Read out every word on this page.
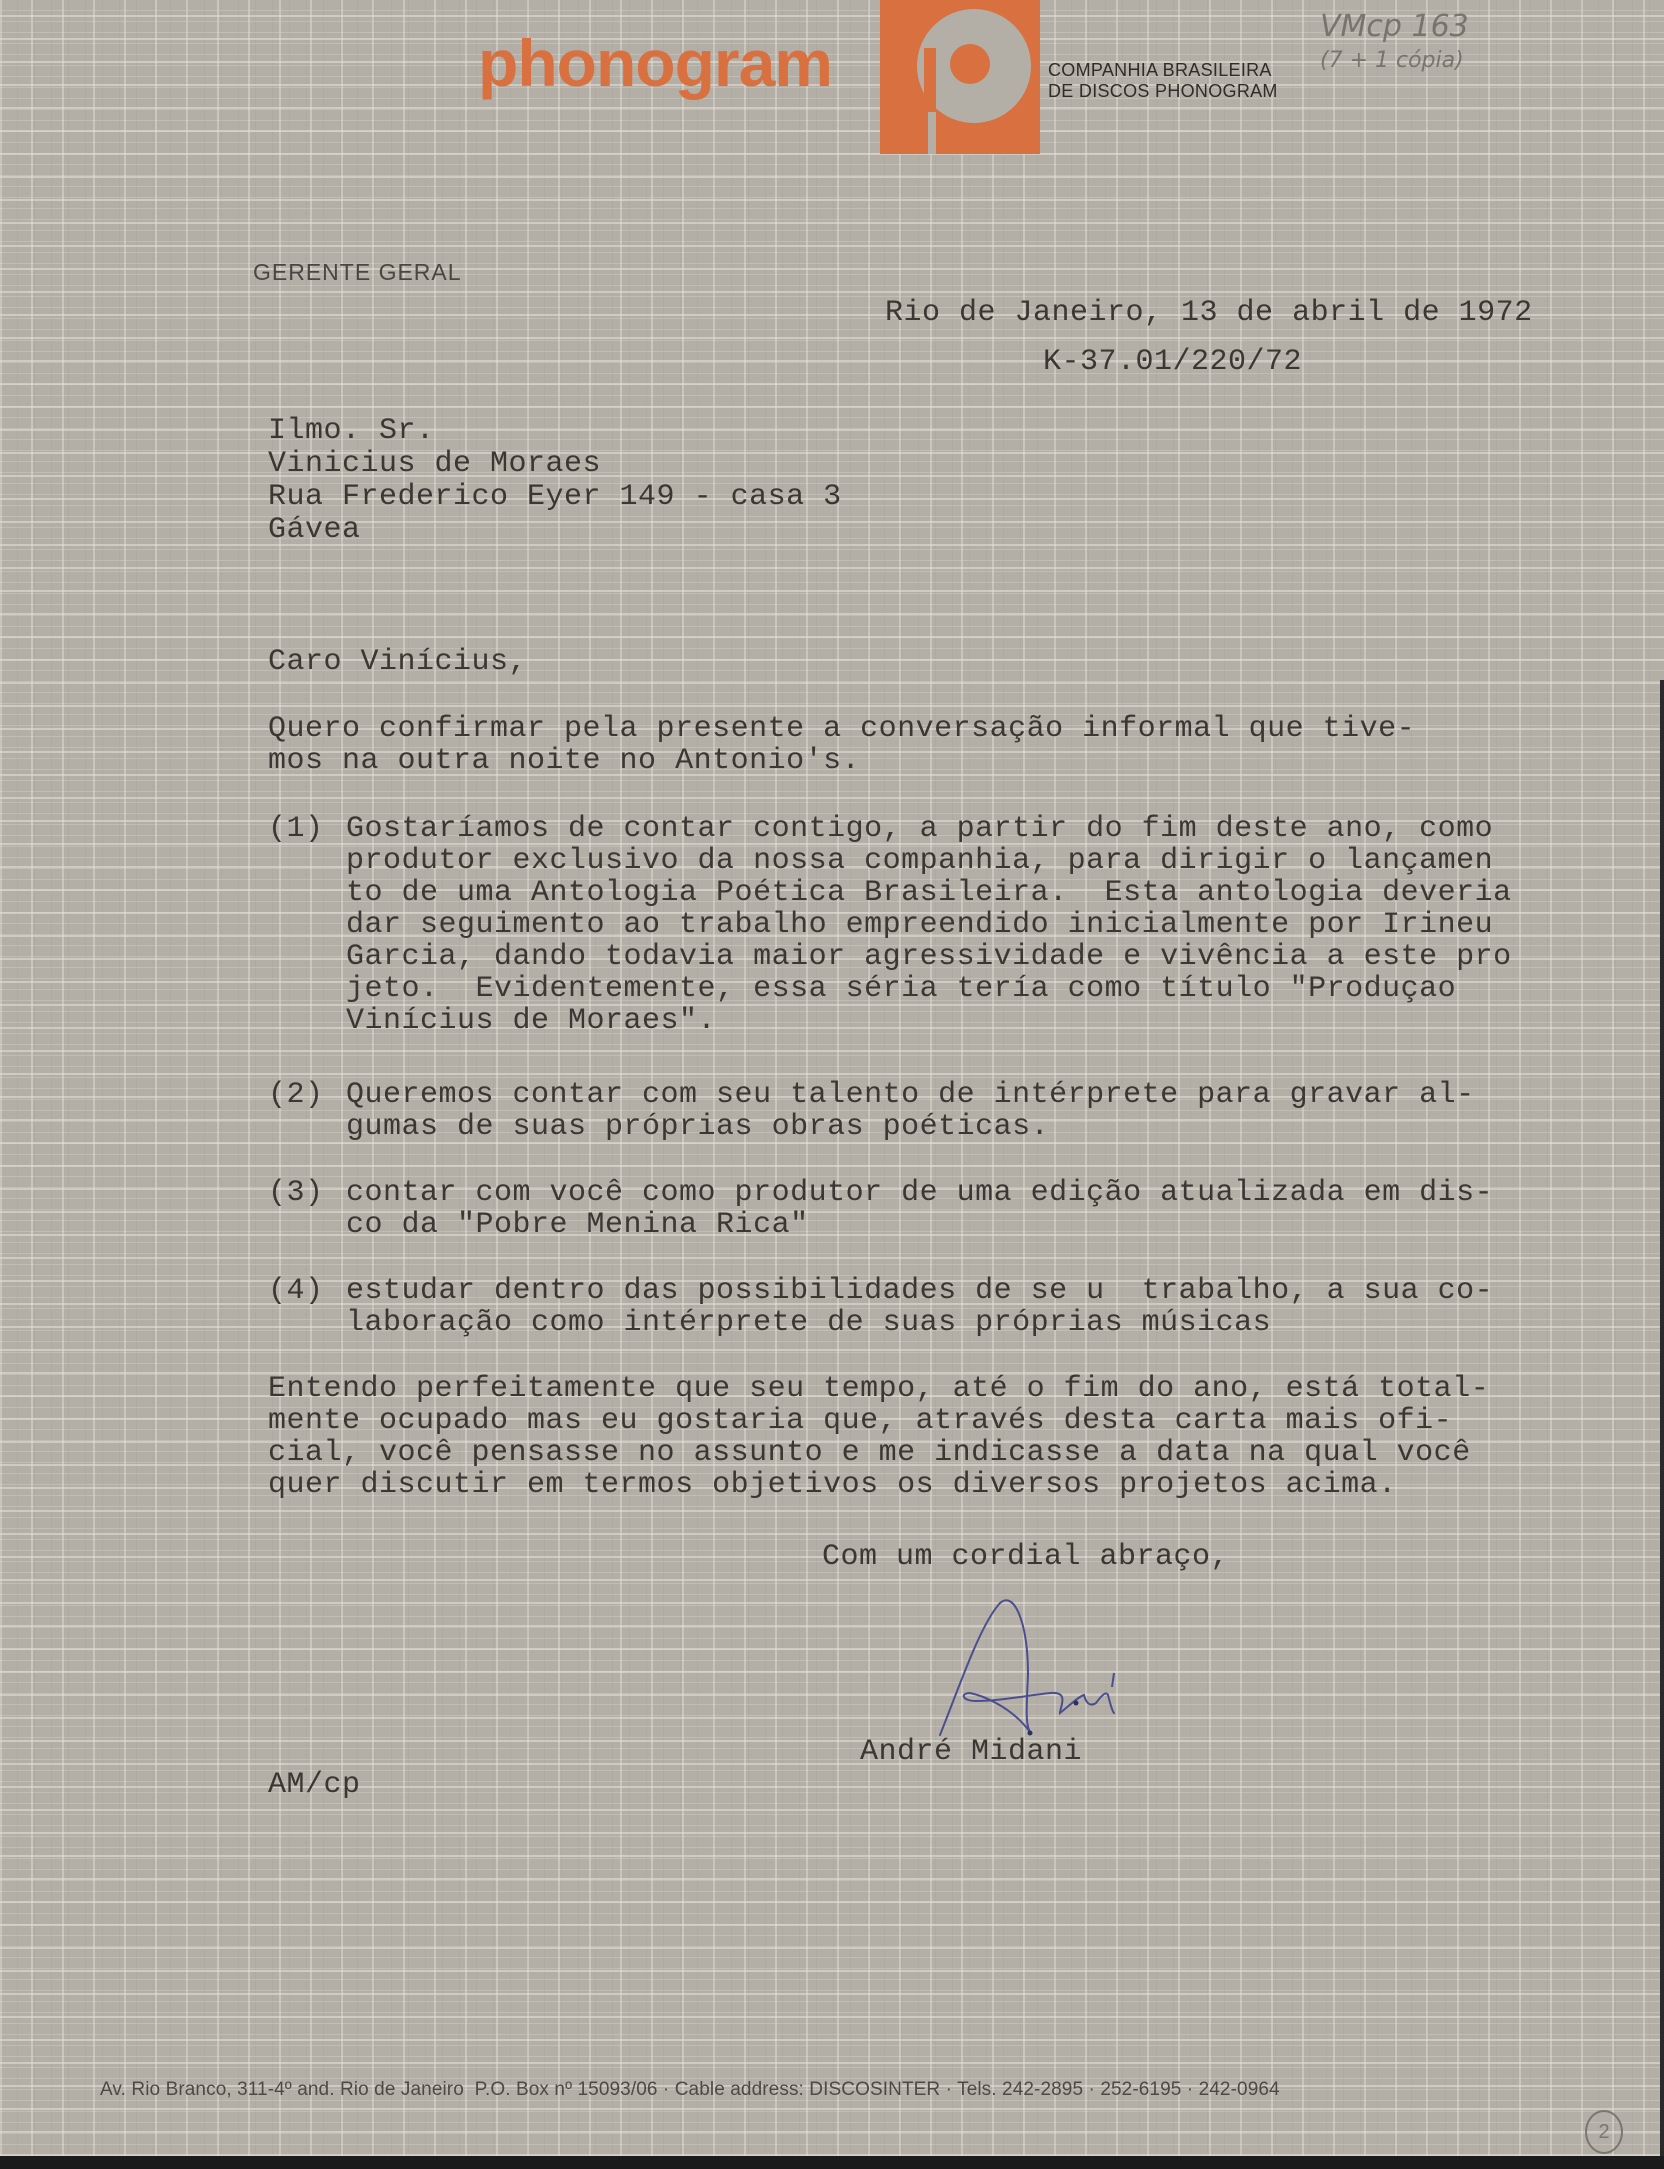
phonogram	COMPANHIA BRASILEIRA
DE DISCOS PHONOGRAM
VMcp 163
(7 + 1 cópia)
GERENTE GERAL
Rio de Janeiro, 13 de abril de 1972
K-37.01/220/72
Ilmo. Sr.
Vinicius de Moraes
Rua Frederico Eyer 149 - casa 3
Gávea
Caro Vinícius,
Quero confirmar pela presente a conversação informal que tive-
mos na outra noite no Antonio's.
(1) Gostaríamos de contar contigo, a partir do fim deste ano, como
produtor exclusivo da nossa companhia, para dirigir o lançamen
to de uma Antologia Poética Brasileira.  Esta antologia deveria
dar seguimento ao trabalho empreendido inicialmente por Irineu
Garcia, dando todavia maior agressividade e vivência a este pro
jeto.  Evidentemente, essa séria tería como título "Produçao
Vinícius de Moraes".
(2) Queremos contar com seu talento de intérprete para gravar al-
gumas de suas próprias obras poéticas.
(3) contar com você como produtor de uma edição atualizada em dis-
co da "Pobre Menina Rica"
(4) estudar dentro das possibilidades de se u  trabalho, a sua co-
laboração como intérprete de suas próprias músicas
Entendo perfeitamente que seu tempo, até o fim do ano, está total-
mente ocupado mas eu gostaria que, através desta carta mais ofi-
cial, você pensasse no assunto e me indicasse a data na qual você
quer discutir em termos objetivos os diversos projetos acima.
Com um cordial abraço,
André Midani
AM/cp
Av. Rio Branco, 311-4º and. Rio de Janeiro  P.O. Box nº 15093/06 · Cable address: DISCOSINTER · Tels. 242-2895 · 252-6195 · 242-0964
2
